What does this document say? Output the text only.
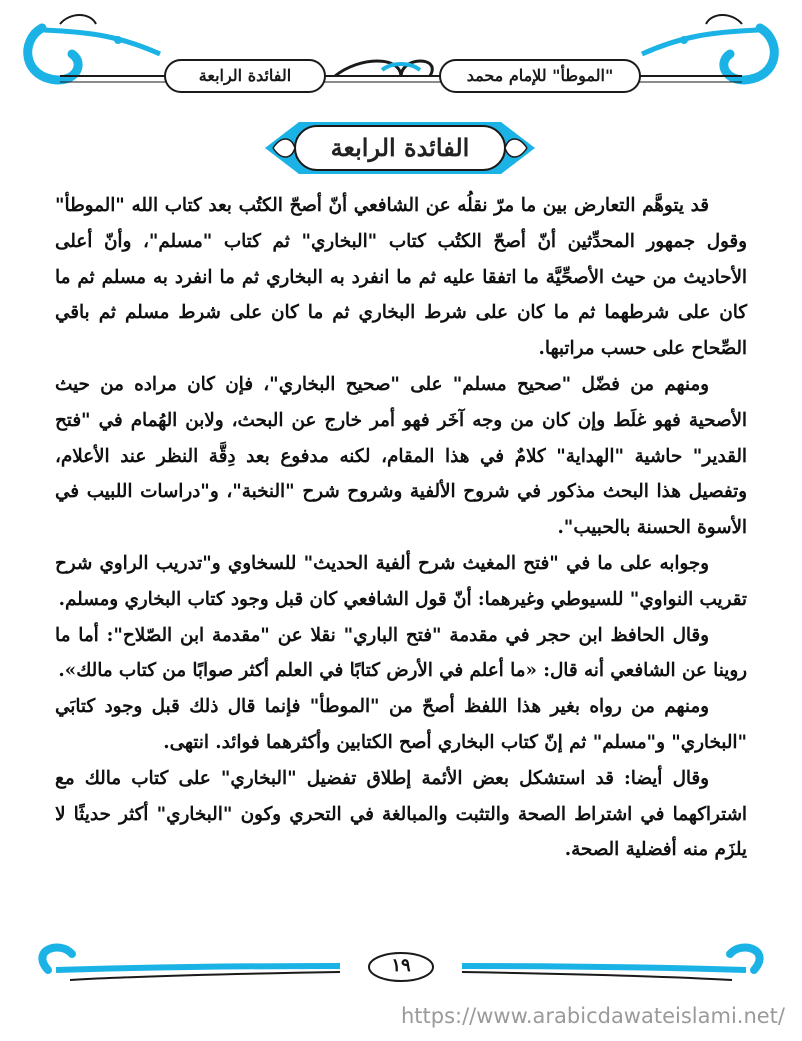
"الموطأ" للإمام محمد
الفائدة الرابعة
الفائدة الرابعة

قد يتوهَّم التعارض بين ما مرّ نقلُه عن الشافعي أنّ أصحّ الكتُب بعد كتاب الله "الموطأ" وقول جمهور المحدِّثين أنّ أصحّ الكتُب كتاب "البخاري" ثم كتاب "مسلم"، وأنّ أعلى الأحاديث من حيث الأصحِّيَّة ما اتفقا عليه ثم ما انفرد به البخاري ثم ما انفرد به مسلم ثم ما كان على شرطهما ثم ما كان على شرط البخاري ثم ما كان على شرط مسلم ثم باقي الصِّحاح على حسب مراتبها.

ومنهم من فضّل "صحيح مسلم" على "صحيح البخاري"، فإن كان مراده من حيث الأصحية فهو غلَط وإن كان من وجه آخَر فهو أمر خارج عن البحث، ولابن الهُمام في "فتح القدير" حاشية "الهداية" كلامٌ في هذا المقام، لكنه مدفوع بعد دِقَّة النظر عند الأعلام، وتفصيل هذا البحث مذكور في شروح الألفية وشروح شرح "النخبة"، و"دراسات اللبيب في الأسوة الحسنة بالحبيب".

وجوابه على ما في "فتح المغيث شرح ألفية الحديث" للسخاوي و"تدريب الراوي شرح تقريب النواوي" للسيوطي وغيرهما: أنّ قول الشافعي كان قبل وجود كتاب البخاري ومسلم.

وقال الحافظ ابن حجر في مقدمة "فتح الباري" نقلا عن "مقدمة ابن الصّلاح": أما ما روينا عن الشافعي أنه قال: «ما أعلم في الأرض كتابًا في العلم أكثر صوابًا من كتاب مالك».

ومنهم من رواه بغير هذا اللفظ أصحّ من "الموطأ" فإنما قال ذلك قبل وجود كتابَي "البخاري" و"مسلم" ثم إنّ كتاب البخاري أصح الكتابين وأكثرهما فوائد. انتهى.

وقال أيضا: قد استشكل بعض الأئمة إطلاق تفضيل "البخاري" على كتاب مالك مع اشتراكهما في اشتراط الصحة والتثبت والمبالغة في التحري وكون "البخاري" أكثر حديثًا لا يلزَم منه أفضلية الصحة.

١٩
https://www.arabicdawateislami.net/
